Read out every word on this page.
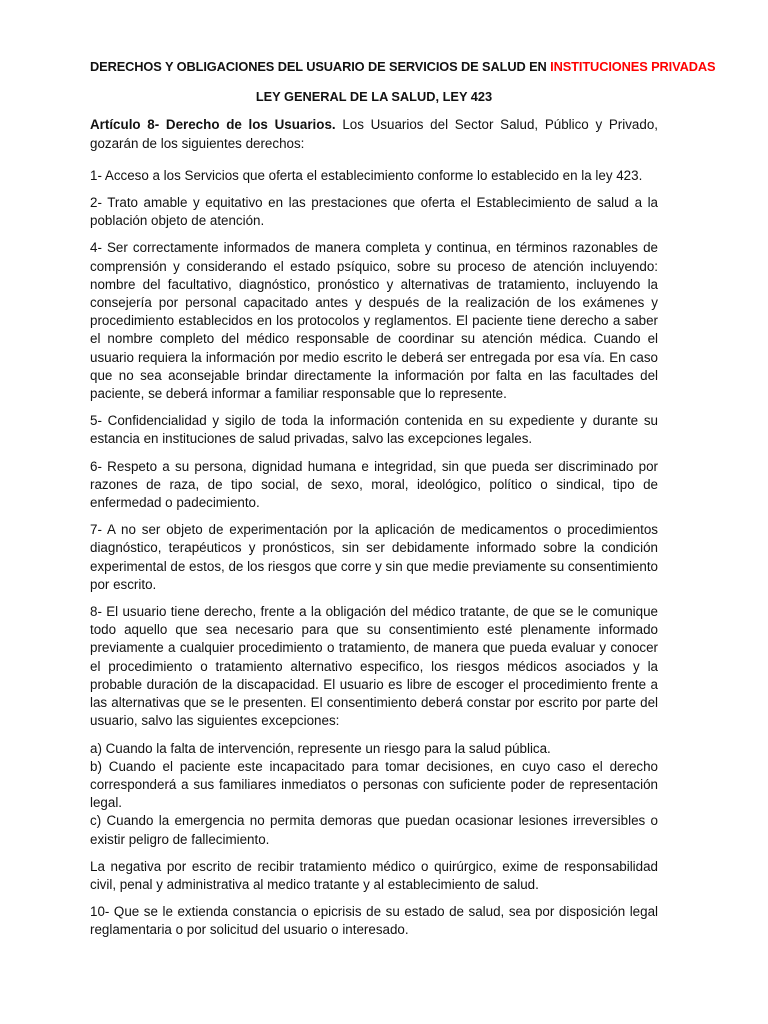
DERECHOS Y OBLIGACIONES DEL USUARIO DE SERVICIOS DE SALUD EN INSTITUCIONES PRIVADAS
LEY GENERAL DE LA SALUD, LEY 423

Artículo 8- Derecho de los Usuarios. Los Usuarios del Sector Salud, Público y Privado, gozarán de los siguientes derechos:

1- Acceso a los Servicios que oferta el establecimiento conforme lo establecido en la ley 423.

2- Trato amable y equitativo en las prestaciones que oferta el Establecimiento de salud a la población objeto de atención.

4- Ser correctamente informados de manera completa y continua, en términos razonables de comprensión y considerando el estado psíquico, sobre su proceso de atención incluyendo: nombre del facultativo, diagnóstico, pronóstico y alternativas de tratamiento, incluyendo la consejería por personal capacitado antes y después de la realización de los exámenes y procedimiento establecidos en los protocolos y reglamentos. El paciente tiene derecho a saber el nombre completo del médico responsable de coordinar su atención médica. Cuando el usuario requiera la información por medio escrito le deberá ser entregada por esa vía. En caso que no sea aconsejable brindar directamente la información por falta en las facultades del paciente, se deberá informar a familiar responsable que lo represente.

5- Confidencialidad y sigilo de toda la información contenida en su expediente y durante su estancia en instituciones de salud privadas, salvo las excepciones legales.

6- Respeto a su persona, dignidad humana e integridad, sin que pueda ser discriminado por razones de raza, de tipo social, de sexo, moral, ideológico, político o sindical, tipo de enfermedad o padecimiento.

7- A no ser objeto de experimentación por la aplicación de medicamentos o procedimientos diagnóstico, terapéuticos y pronósticos, sin ser debidamente informado sobre la condición experimental de estos, de los riesgos que corre y sin que medie previamente su consentimiento por escrito.

8- El usuario tiene derecho, frente a la obligación del médico tratante, de que se le comunique todo aquello que sea necesario para que su consentimiento esté plenamente informado previamente a cualquier procedimiento o tratamiento, de manera que pueda evaluar y conocer el procedimiento o tratamiento alternativo especifico, los riesgos médicos asociados y la probable duración de la discapacidad. El usuario es libre de escoger el procedimiento frente a las alternativas que se le presenten. El consentimiento deberá constar por escrito por parte del usuario, salvo las siguientes excepciones:

a) Cuando la falta de intervención, represente un riesgo para la salud pública.

b) Cuando el paciente este incapacitado para tomar decisiones, en cuyo caso el derecho corresponderá a sus familiares inmediatos o personas con suficiente poder de representación legal.

c) Cuando la emergencia no permita demoras que puedan ocasionar lesiones irreversibles o existir peligro de fallecimiento.

La negativa por escrito de recibir tratamiento médico o quirúrgico, exime de responsabilidad civil, penal y administrativa al medico tratante y al establecimiento de salud.

10- Que se le extienda constancia o epicrisis de su estado de salud, sea por disposición legal reglamentaria o por solicitud del usuario o interesado.
